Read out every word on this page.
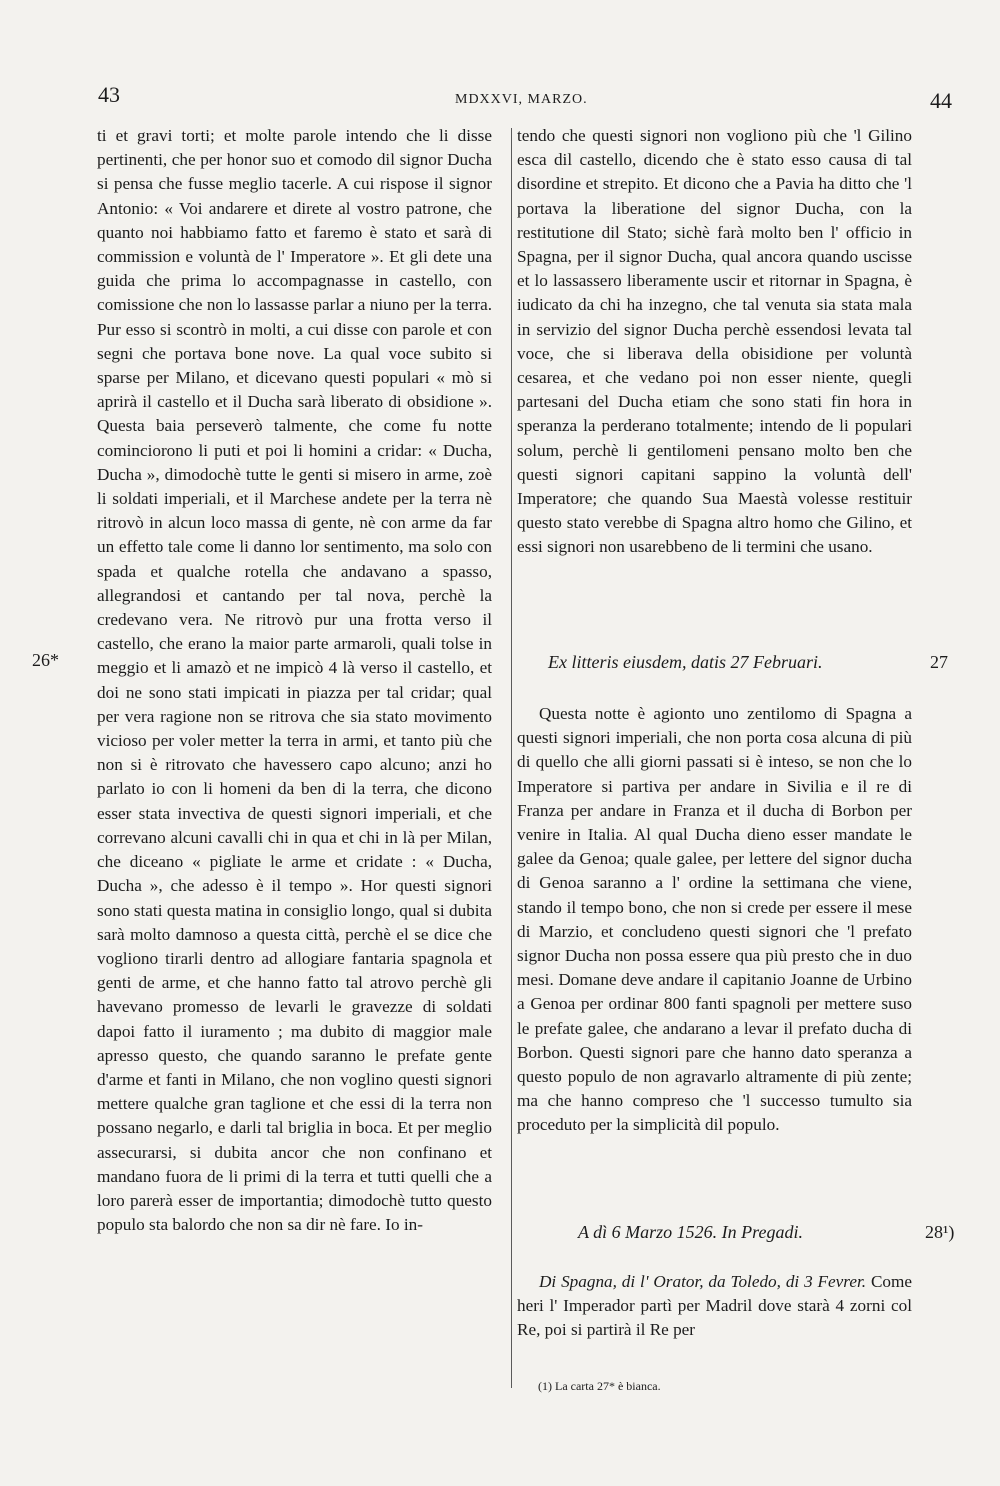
43	MDXXVI, MARZO.	44

ti et gravi torti; et molte parole intendo che li disse pertinenti, che per honor suo et comodo dil signor Ducha si pensa che fusse meglio tacerle. A cui rispose il signor Antonio: « Voi andarere et direte al vostro patrone, che quanto noi habbiamo fatto et faremo è stato et sarà di commission e voluntà de l' Imperatore ». Et gli dete una guida che prima lo accompagnasse in castello, con comissione che non lo lassasse parlar a niuno per la terra. Pur esso si scontrò in molti, a cui disse con parole et con segni che portava bone nove. La qual voce subito si sparse per Milano, et dicevano questi populari « mò si aprirà il castello et il Ducha sarà liberato di obsidione ». Questa baia perseverò talmente, che come fu notte cominciorono li puti et poi li homini a cridar: « Ducha, Ducha », dimodochè tutte le genti si misero in arme, zoè li soldati imperiali, et il Marchese andete per la terra nè ritrovò in alcun loco massa di gente, nè con arme da far un effetto tale come li danno lor sentimento, ma solo con spada et qualche rotella che andavano a spasso, allegrandosi et cantando per tal nova, perchè la credevano vera. Ne ritrovò pur una frotta verso il castello, che erano la maior parte armaroli, quali tolse in meggio et li amazò et ne impicò 4 là verso il castello, et doi ne sono stati impicati in piazza per tal cridar; qual per vera ragione non se ritrova che sia stato movimento vicioso per voler metter la terra in armi, et tanto più che non si è ritrovato che havessero capo alcuno; anzi ho parlato io con li homeni da ben di la terra, che dicono esser stata invectiva de questi signori imperiali, et che correvano alcuni cavalli chi in qua et chi in là per Milan, che diceano « pigliate le arme et cridate : « Ducha, Ducha », che adesso è il tempo ». Hor questi signori sono stati questa matina in consiglio longo, qual si dubita sarà molto damnoso a questa città, perchè el se dice che vogliono tirarli dentro ad allogiare fantaria spagnola et genti de arme, et che hanno fatto tal atrovo perchè gli havevano promesso de levarli le gravezze di soldati dapoi fatto il iuramento ; ma dubito di maggior male apresso questo, che quando saranno le prefate gente d'arme et fanti in Milano, che non voglino questi signori mettere qualche gran taglione et che essi di la terra non possano negarlo, e darli tal briglia in boca. Et per meglio assecurarsi, si dubita ancor che non confinano et mandano fuora de li primi di la terra et tutti quelli che a loro parerà esser de importantia; dimodochè tutto questo populo sta balordo che non sa dir nè fare. Io in-

26*

tendo che questi signori non vogliono più che 'l Gilino esca dil castello, dicendo che è stato esso causa di tal disordine et strepito. Et dicono che a Pavia ha ditto che 'l portava la liberatione del signor Ducha, con la restitutione dil Stato; sichè farà molto ben l' officio in Spagna, per il signor Ducha, qual ancora quando uscisse et lo lassassero liberamente uscir et ritornar in Spagna, è iudicato da chi ha inzegno, che tal venuta sia stata mala in servizio del signor Ducha perchè essendosi levata tal voce, che si liberava della obisidione per voluntà cesarea, et che vedano poi non esser niente, quegli partesani del Ducha etiam che sono stati fin hora in speranza la perderano totalmente; intendo de li populari solum, perchè li gentilomeni pensano molto ben che questi signori capitani sappino la voluntà dell' Imperatore; che quando Sua Maestà volesse restituir questo stato verebbe di Spagna altro homo che Gilino, et essi signori non usarebbeno de li termini che usano.

Ex litteris eiusdem, datis 27 Februari.	27

Questa notte è agionto uno zentilomo di Spagna a questi signori imperiali, che non porta cosa alcuna di più di quello che alli giorni passati si è inteso, se non che lo Imperatore si partiva per andare in Sivilia e il re di Franza per andare in Franza et il ducha di Borbon per venire in Italia. Al qual Ducha dieno esser mandate le galee da Genoa; quale galee, per lettere del signor ducha di Genoa saranno a l' ordine la settimana che viene, stando il tempo bono, che non si crede per essere il mese di Marzio, et concludeno questi signori che 'l prefato signor Ducha non possa essere qua più presto che in duo mesi. Domane deve andare il capitanio Joanne de Urbino a Genoa per ordinar 800 fanti spagnoli per mettere suso le prefate galee, che andarano a levar il prefato ducha di Borbon. Questi signori pare che hanno dato speranza a questo populo de non agravarlo altramente di più zente; ma che hanno compreso che 'l successo tumulto sia proceduto per la simplicità dil populo.

A dì 6 Marzo 1526. In Pregadi.	28¹)
Di Spagna, di l' Orator, da Toledo, di 3 Fevrer. Come heri l' Imperador partì per Madril dove starà 4 zorni col Re, poi si partirà il Re per
(1) La carta 27* è bianca.
